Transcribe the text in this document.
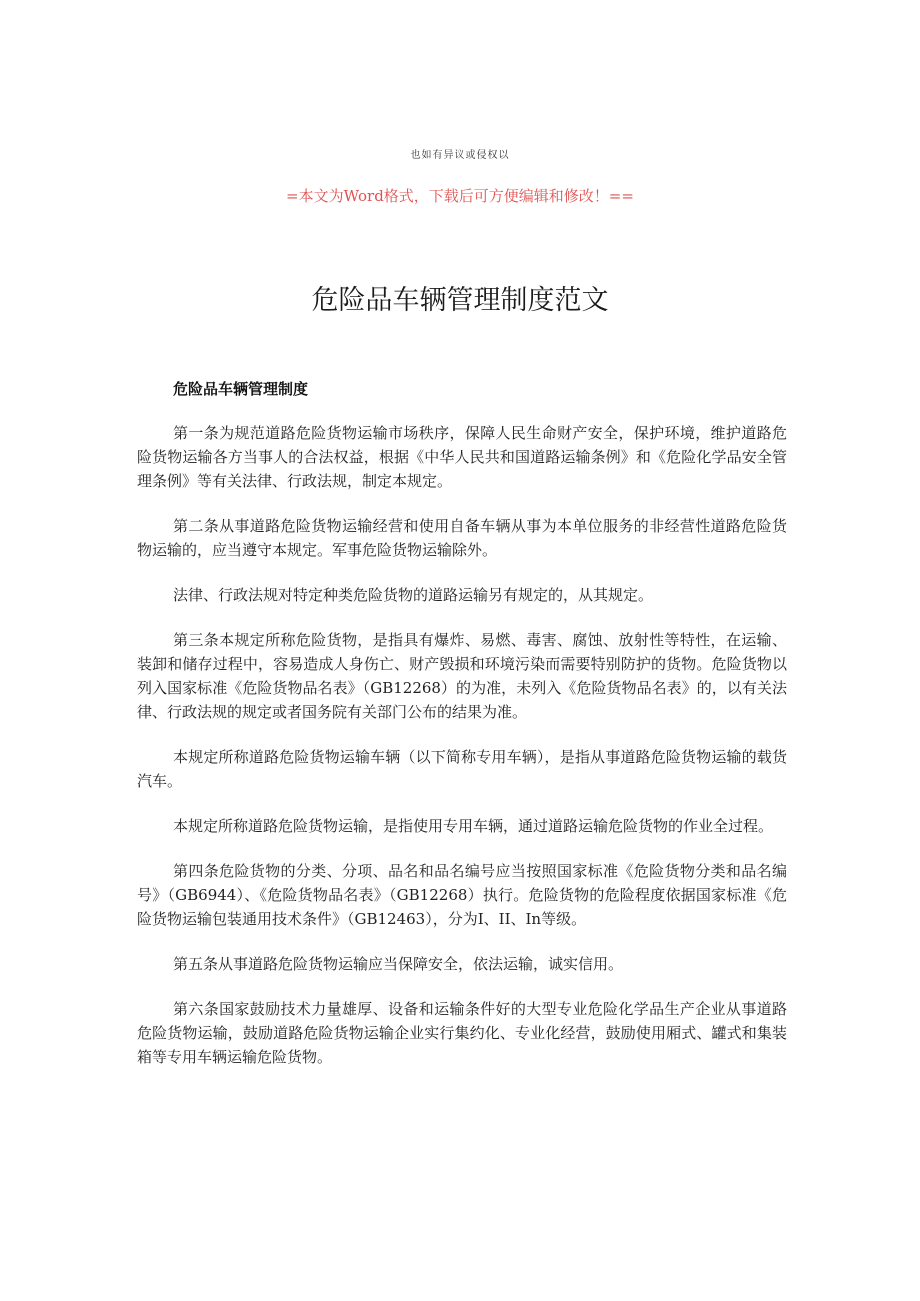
也如有异议或侵权以
=本文为Word格式，下载后可方便编辑和修改！==
危险品车辆管理制度范文

危险品车辆管理制度

第一条为规范道路危险货物运输市场秩序，保障人民生命财产安全，保护环境，维护道路危险货物运输各方当事人的合法权益，根据《中华人民共和国道路运输条例》和《危险化学品安全管理条例》等有关法律、行政法规，制定本规定。

第二条从事道路危险货物运输经营和使用自备车辆从事为本单位服务的非经营性道路危险货物运输的，应当遵守本规定。军事危险货物运输除外。

法律、行政法规对特定种类危险货物的道路运输另有规定的，从其规定。

第三条本规定所称危险货物，是指具有爆炸、易燃、毒害、腐蚀、放射性等特性，在运输、装卸和储存过程中，容易造成人身伤亡、财产毁损和环境污染而需要特别防护的货物。危险货物以列入国家标准《危险货物品名表》（GB12268）的为准，未列入《危险货物品名表》的，以有关法律、行政法规的规定或者国务院有关部门公布的结果为准。

本规定所称道路危险货物运输车辆（以下简称专用车辆），是指从事道路危险货物运输的载货汽车。

本规定所称道路危险货物运输，是指使用专用车辆，通过道路运输危险货物的作业全过程。

第四条危险货物的分类、分项、品名和品名编号应当按照国家标准《危险货物分类和品名编号》（GB6944）、《危险货物品名表》（GB12268）执行。危险货物的危险程度依据国家标准《危险货物运输包装通用技术条件》（GB12463），分为I、II、In等级。

第五条从事道路危险货物运输应当保障安全，依法运输，诚实信用。

第六条国家鼓励技术力量雄厚、设备和运输条件好的大型专业危险化学品生产企业从事道路危险货物运输，鼓励道路危险货物运输企业实行集约化、专业化经营，鼓励使用厢式、罐式和集装箱等专用车辆运输危险货物。
